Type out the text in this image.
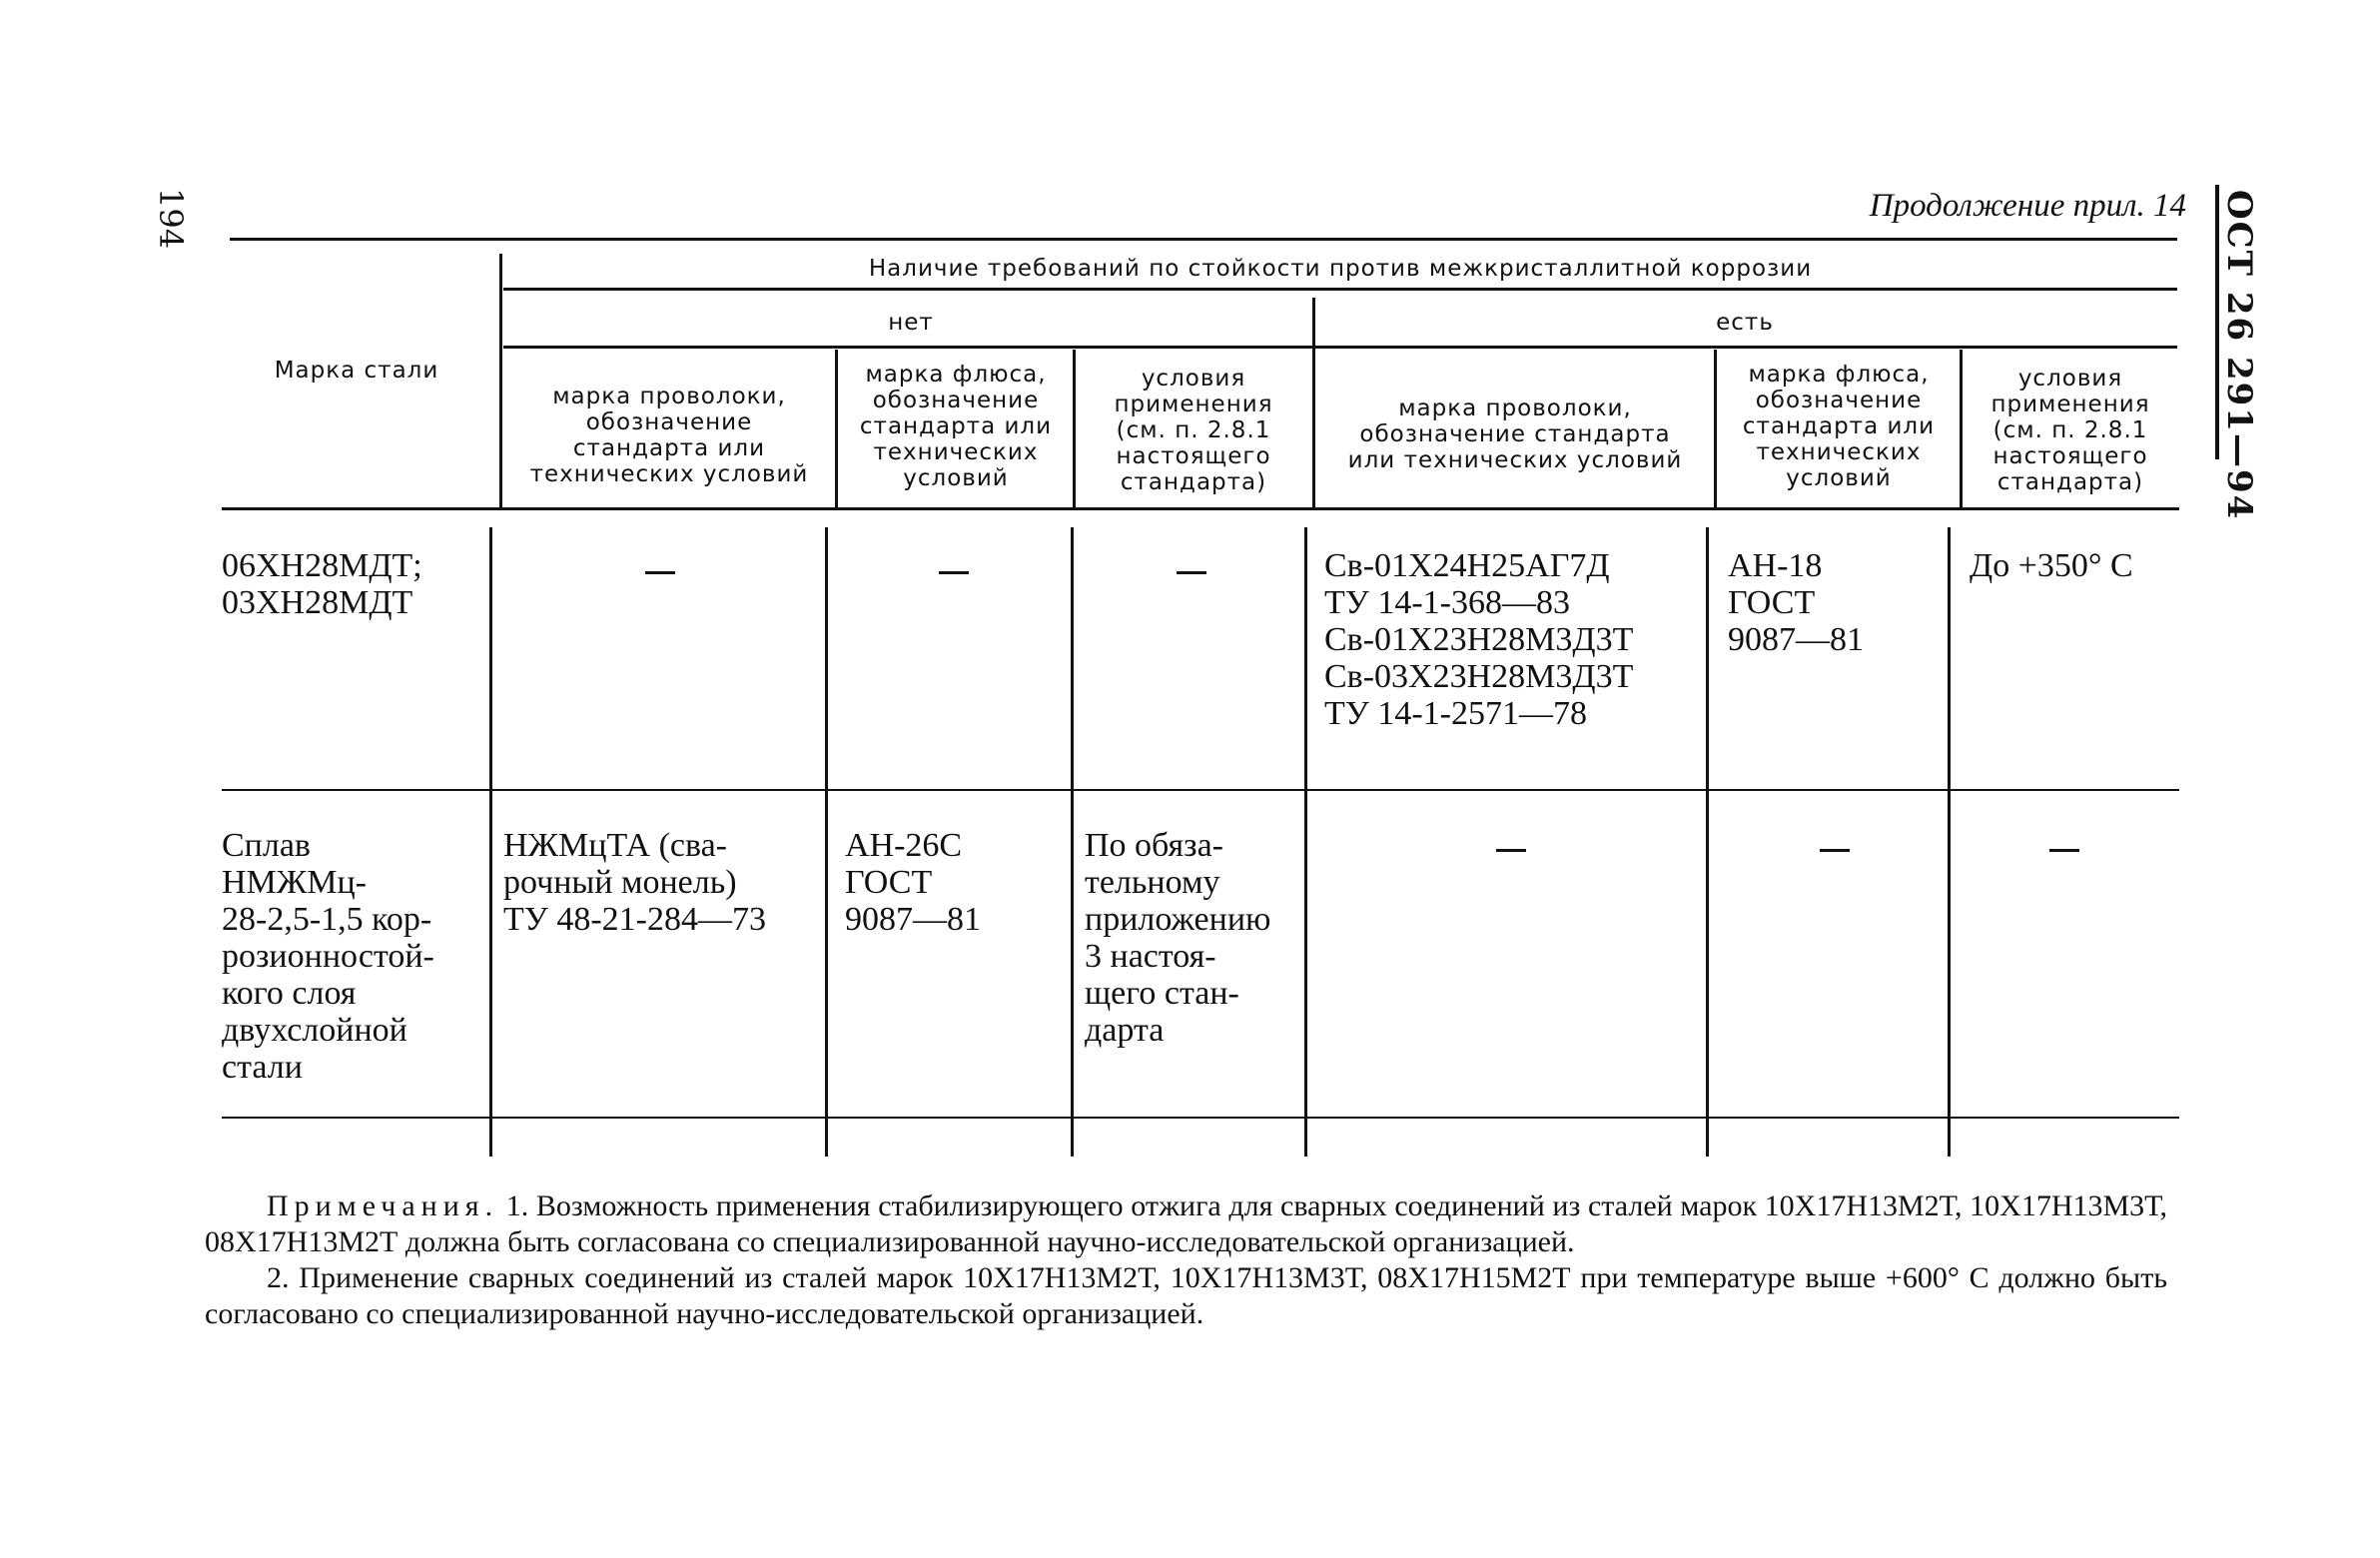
194	ОСТ 26 291—94
Продолжение прил. 14
Марка стали
Наличие требований по стойкости против межкристаллитной коррозии
нет	есть
марка проволоки,
обозначение
стандарта или
технических условий
марка флюса,
обозначение
стандарта или
технических
условий
условия
применения
(см. п. 2.8.1
настоящего
стандарта)
марка проволоки,
обозначение стандарта
или технических условий
марка флюса,
обозначение
стандарта или
технических
условий
условия
применения
(см. п. 2.8.1
настоящего
стандарта)
06ХН28МДТ;
03ХН28МДТ
Св-01Х24Н25АГ7Д
ТУ 14-1-368—83
Св-01Х23Н28М3Д3Т
Св-03Х23Н28М3Д3Т
ТУ 14-1-2571—78
АН-18
ГОСТ
9087—81
До +350° С
Сплав
НМЖМц-
28-2,5-1,5 кор-
розионностой-
кого слоя
двухслойной
стали
НЖМцТА (сва-
рочный монель)
ТУ 48-21-284—73
АН-26С
ГОСТ
9087—81
По обяза-
тельному
приложению
3 настоя-
щего стан-
дарта

Примечания. 1. Возможность применения стабилизирующего отжига для сварных соединений из сталей марок 10Х17Н13М2Т, 10Х17Н13М3Т, 08Х17Н13М2Т должна быть согласована со специализированной научно-исследовательской организацией.

2. Применение сварных соединений из сталей марок 10Х17Н13М2Т, 10Х17Н13М3Т, 08Х17Н15М2Т при температуре выше +600° С должно быть согласовано со специализированной научно-исследовательской организацией.
